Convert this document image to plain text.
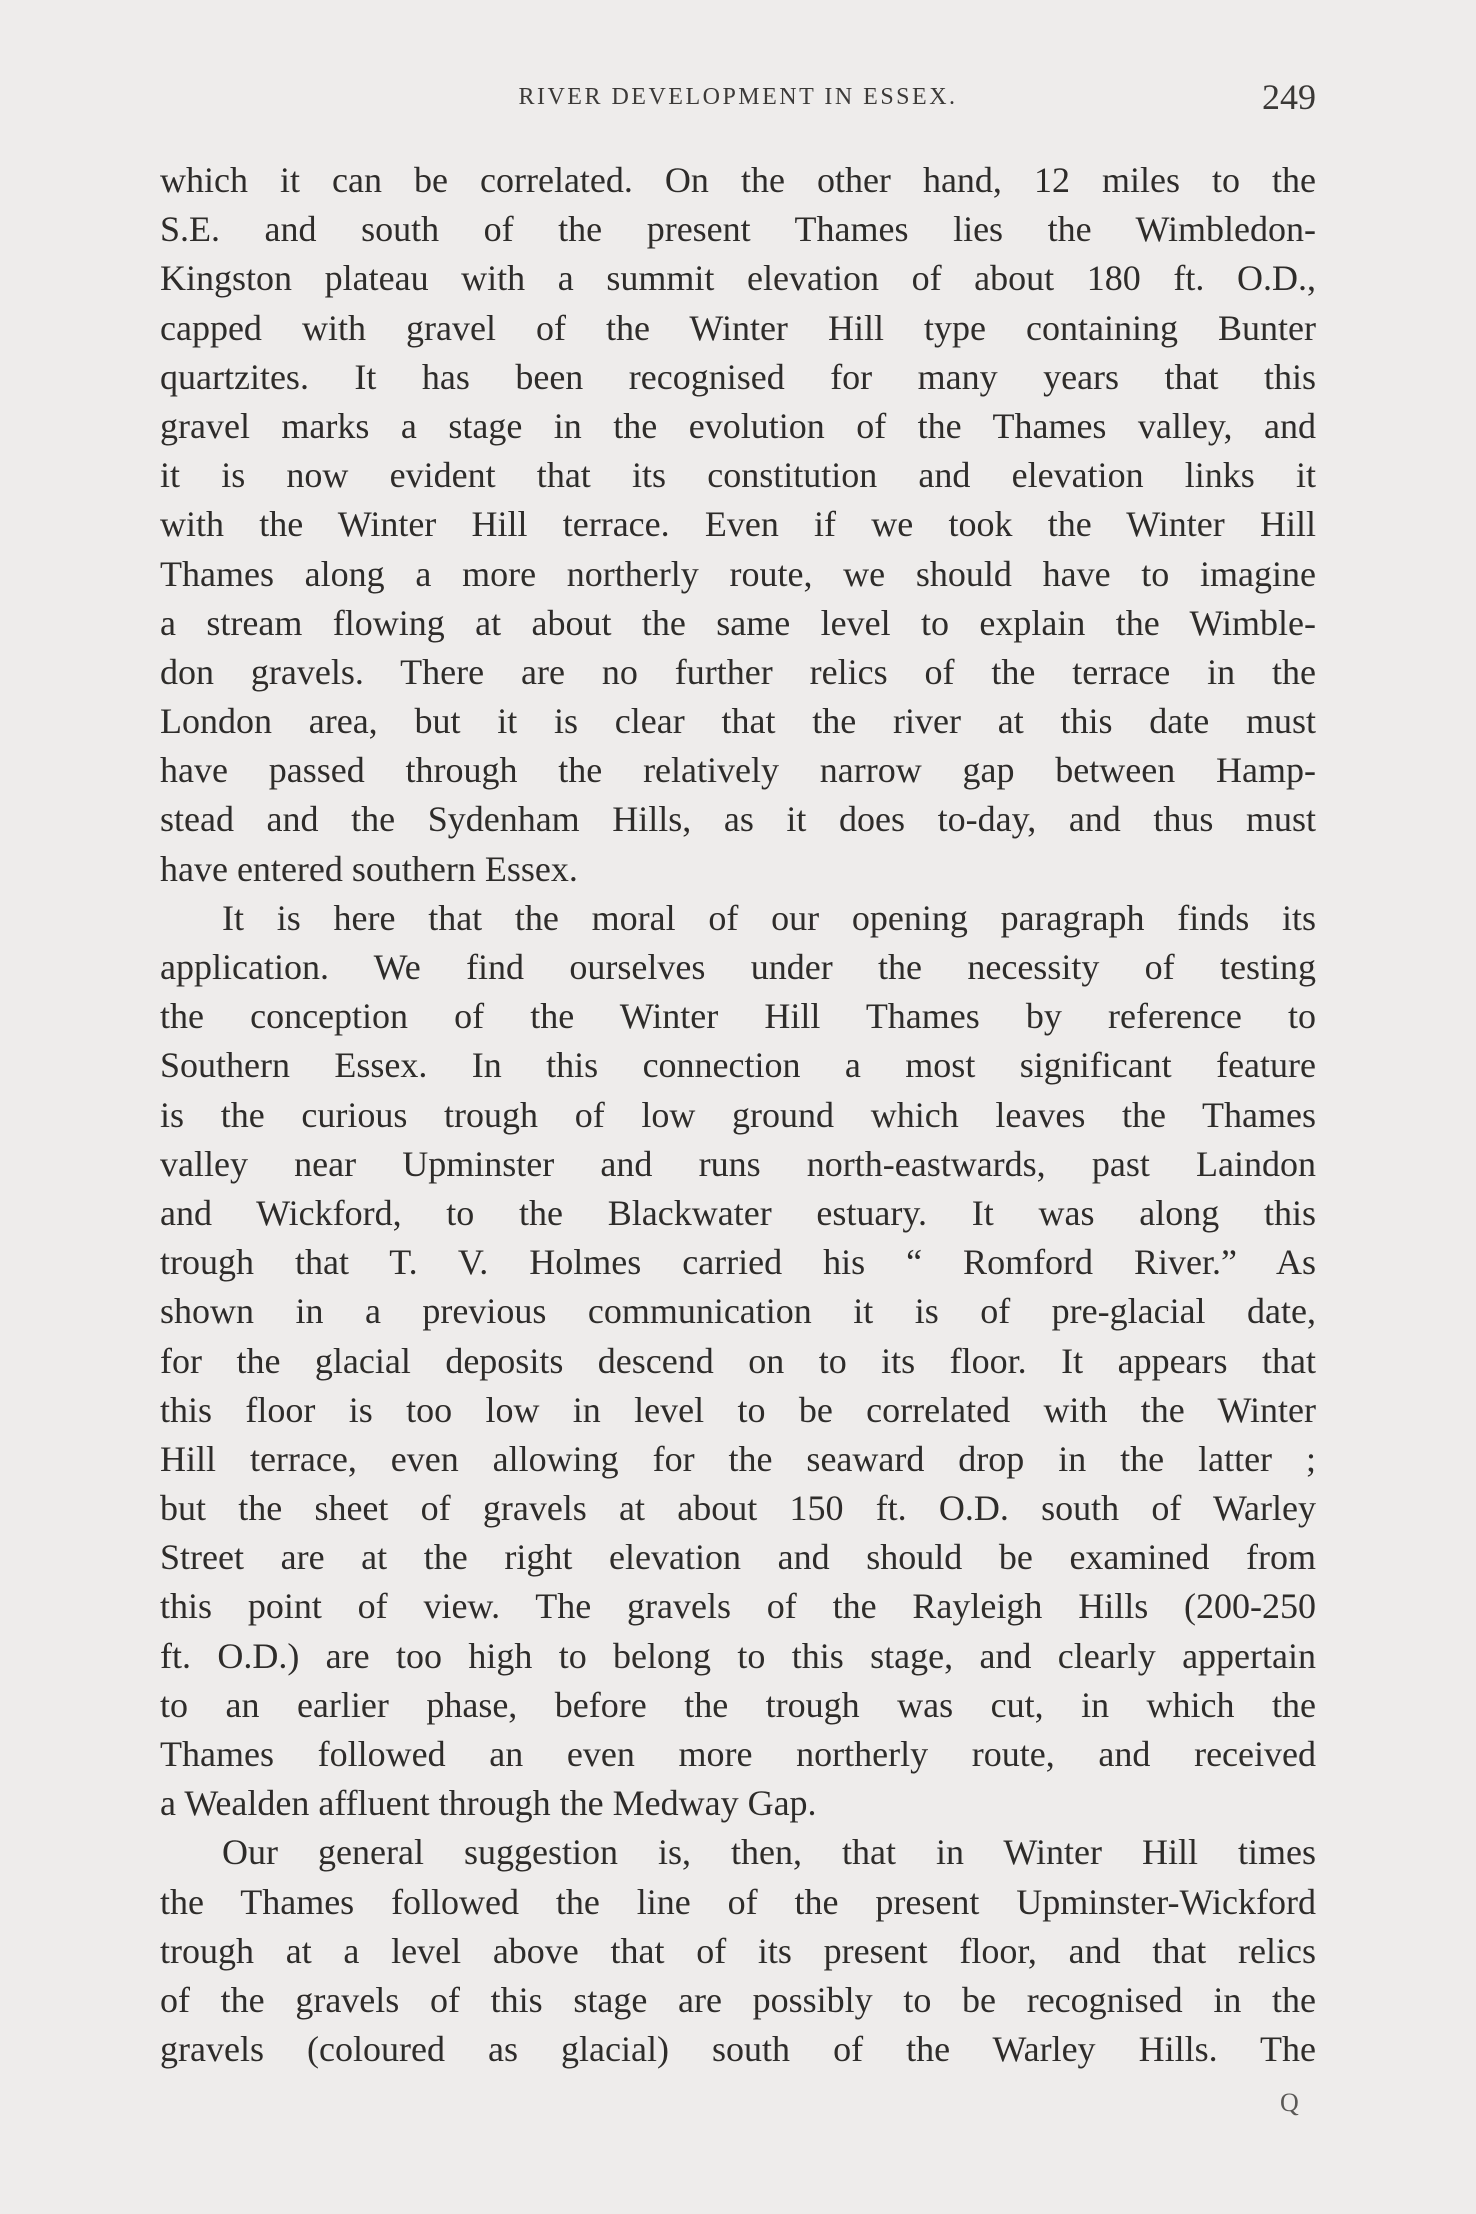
RIVER DEVELOPMENT IN ESSEX.	249
which it can be correlated. On the other hand, 12 miles to the
S.E. and south of the present Thames lies the Wimbledon-
Kingston plateau with a summit elevation of about 180 ft. O.D.,
capped with gravel of the Winter Hill type containing Bunter
quartzites. It has been recognised for many years that this
gravel marks a stage in the evolution of the Thames valley, and
it is now evident that its constitution and elevation links it
with the Winter Hill terrace. Even if we took the Winter Hill
Thames along a more northerly route, we should have to imagine
a stream flowing at about the same level to explain the Wimble-
don gravels. There are no further relics of the terrace in the
London area, but it is clear that the river at this date must
have passed through the relatively narrow gap between Hamp-
stead and the Sydenham Hills, as it does to-day, and thus must
have entered southern Essex.
It is here that the moral of our opening paragraph finds its
application. We find ourselves under the necessity of testing
the conception of the Winter Hill Thames by reference to
Southern Essex. In this connection a most significant feature
is the curious trough of low ground which leaves the Thames
valley near Upminster and runs north-eastwards, past Laindon
and Wickford, to the Blackwater estuary. It was along this
trough that T. V. Holmes carried his “ Romford River.” As
shown in a previous communication it is of pre-glacial date,
for the glacial deposits descend on to its floor. It appears that
this floor is too low in level to be correlated with the Winter
Hill terrace, even allowing for the seaward drop in the latter ;
but the sheet of gravels at about 150 ft. O.D. south of Warley
Street are at the right elevation and should be examined from
this point of view. The gravels of the Rayleigh Hills (200-250
ft. O.D.) are too high to belong to this stage, and clearly appertain
to an earlier phase, before the trough was cut, in which the
Thames followed an even more northerly route, and received
a Wealden affluent through the Medway Gap.
Our general suggestion is, then, that in Winter Hill times
the Thames followed the line of the present Upminster-Wickford
trough at a level above that of its present floor, and that relics
of the gravels of this stage are possibly to be recognised in the
gravels (coloured as glacial) south of the Warley Hills. The
Q
